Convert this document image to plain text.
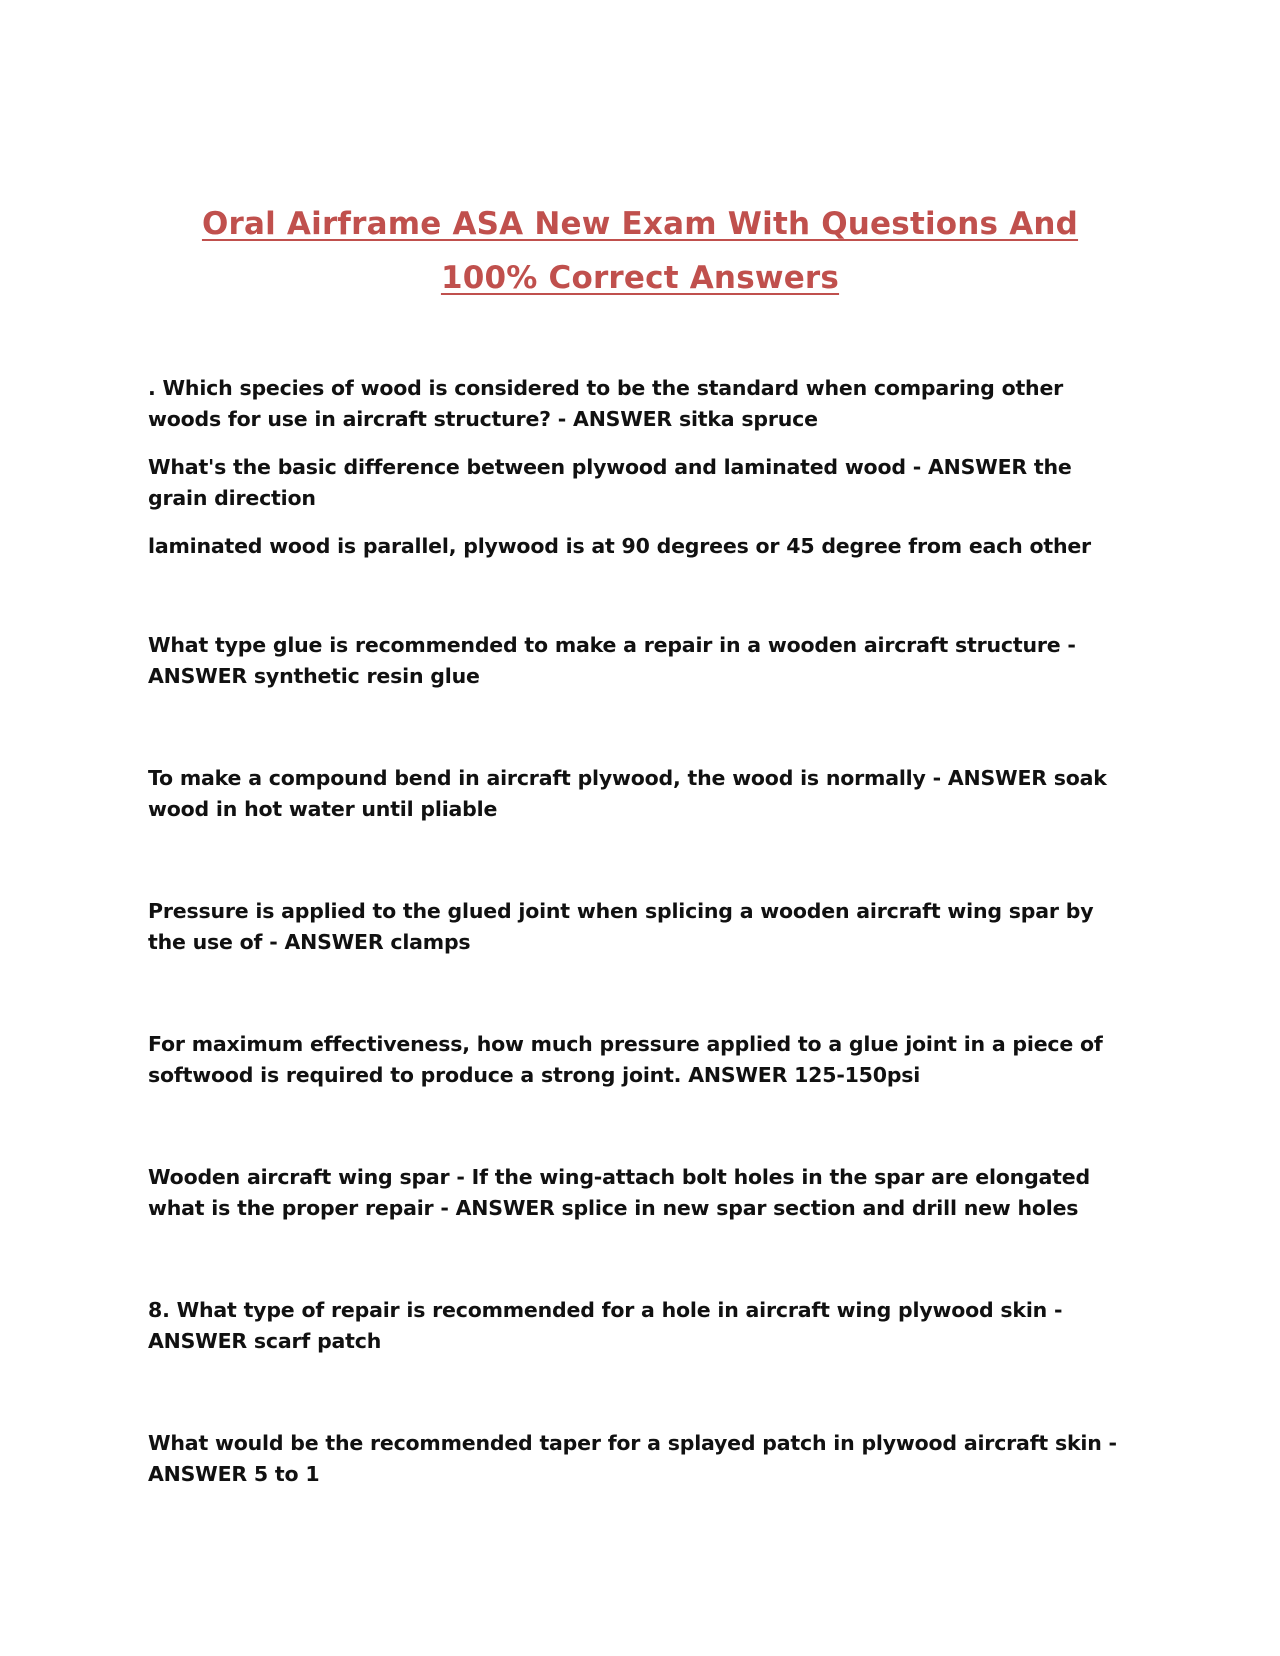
Oral Airframe ASA New Exam With Questions And
100% Correct Answers

. Which species of wood is considered to be the standard when comparing other woods for use in aircraft structure? - ANSWER sitka spruce

What's the basic difference between plywood and laminated wood - ANSWER the grain direction

laminated wood is parallel, plywood is at 90 degrees or 45 degree from each other

What type glue is recommended to make a repair in a wooden aircraft structure - ANSWER synthetic resin glue

To make a compound bend in aircraft plywood, the wood is normally - ANSWER soak wood in hot water until pliable

Pressure is applied to the glued joint when splicing a wooden aircraft wing spar by the use of - ANSWER clamps

For maximum effectiveness, how much pressure applied to a glue joint in a piece of softwood is required to produce a strong joint. ANSWER 125-150psi

Wooden aircraft wing spar - If the wing-attach bolt holes in the spar are elongated what is the proper repair - ANSWER splice in new spar section and drill new holes

8. What type of repair is recommended for a hole in aircraft wing plywood skin - ANSWER scarf patch

What would be the recommended taper for a splayed patch in plywood aircraft skin - ANSWER 5 to 1
